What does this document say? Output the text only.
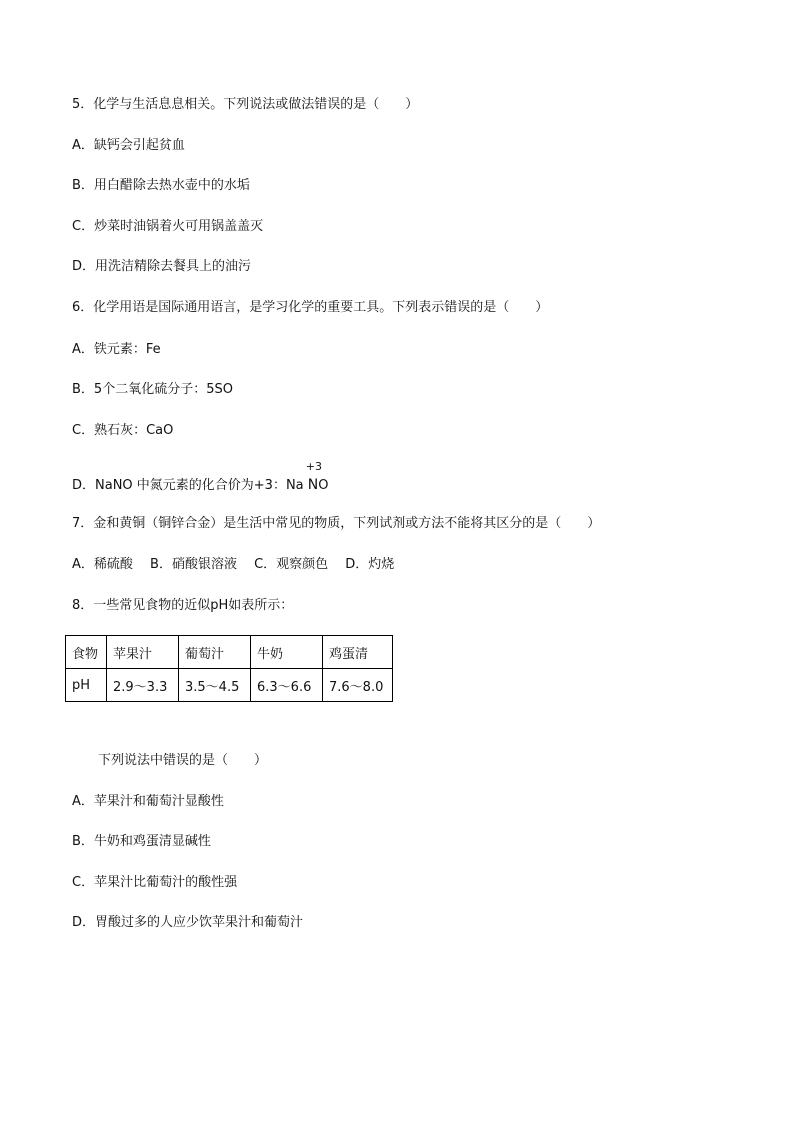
5．化学与生活息息相关。下列说法或做法错误的是（　　）
A．缺钙会引起贫血
B．用白醋除去热水壶中的水垢
C．炒菜时油锅着火可用锅盖盖灭
D．用洗洁精除去餐具上的油污
6．化学用语是国际通用语言，是学习化学的重要工具。下列表示错误的是（　　）
A．铁元素：Fe
B．5个二氧化硫分子：5SO
C．熟石灰：CaO
D．NaNO 中氮元素的化合价为+3：Na
+3
NO
7．金和黄铜（铜锌合金）是生活中常见的物质，下列试剂或方法不能将其区分的是（　　）
A．稀硫酸　 B．硝酸银溶液　 C．观察颜色　 D．灼烧
8．一些常见食物的近似pH如表所示：
食物	苹果汁	葡萄汁	牛奶	鸡蛋清
pH	2.9～3.3	3.5～4.5	6.3～6.6	7.6～8.0
下列说法中错误的是（　　）
A．苹果汁和葡萄汁显酸性
B．牛奶和鸡蛋清显碱性
C．苹果汁比葡萄汁的酸性强
D．胃酸过多的人应少饮苹果汁和葡萄汁
